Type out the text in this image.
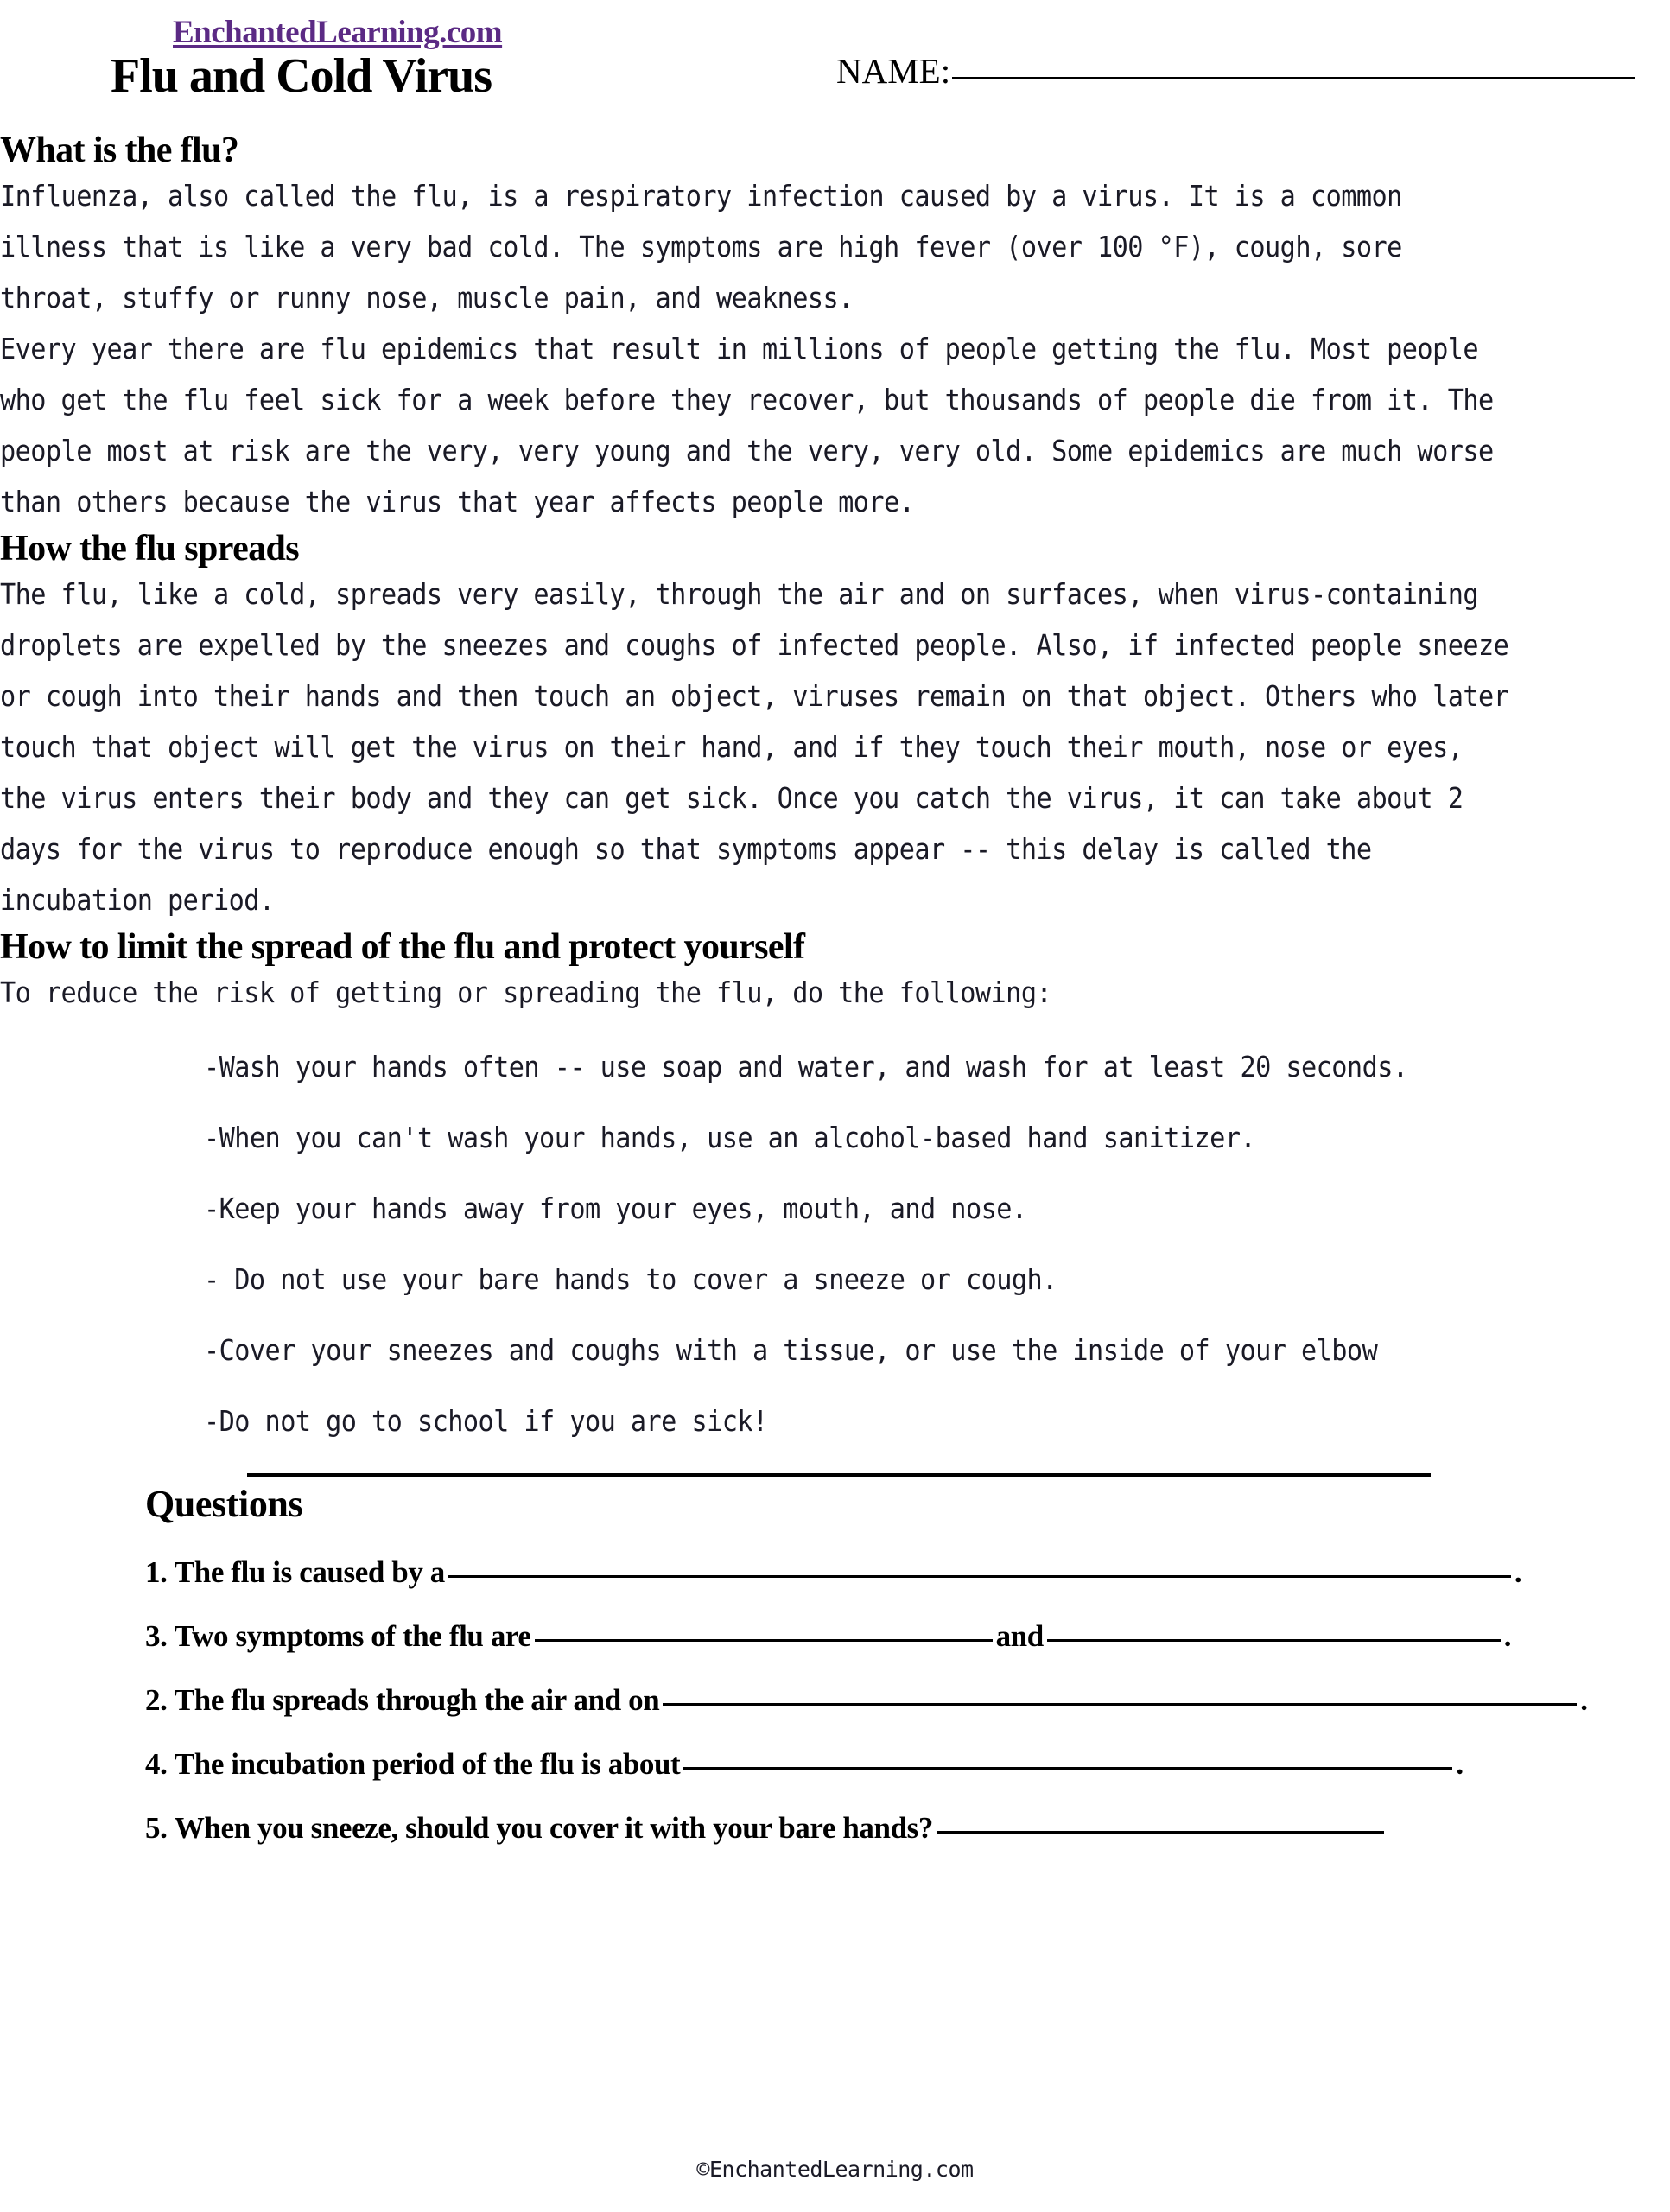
EnchantedLearning.com
Flu and Cold Virus	NAME:
What is the flu?

Influenza, also called the flu, is a respiratory infection caused by a virus. It is a common illness that is like a very bad cold. The symptoms are high fever (over 100 °F), cough, sore throat, stuffy or runny nose, muscle pain, and weakness.

Every year there are flu epidemics that result in millions of people getting the flu. Most people who get the flu feel sick for a week before they recover, but thousands of people die from it. The people most at risk are the very, very young and the very, very old. Some epidemics are much worse than others because the virus that year affects people more.

How the flu spreads

The flu, like a cold, spreads very easily, through the air and on surfaces, when virus-containing droplets are expelled by the sneezes and coughs of infected people. Also, if infected people sneeze or cough into their hands and then touch an object, viruses remain on that object. Others who later touch that object will get the virus on their hand, and if they touch their mouth, nose or eyes, the virus enters their body and they can get sick. Once you catch the virus, it can take about 2 days for the virus to reproduce enough so that symptoms appear -- this delay is called the incubation period.

How to limit the spread of the flu and protect yourself

To reduce the risk of getting or spreading the flu, do the following:

-Wash your hands often -- use soap and water, and wash for at least 20 seconds.
-When you can't wash your hands, use an alcohol-based hand sanitizer.
-Keep your hands away from your eyes, mouth, and nose.
- Do not use your bare hands to cover a sneeze or cough.
-Cover your sneezes and coughs with a tissue, or use the inside of your elbow
-Do not go to school if you are sick!
Questions
1.
The flu is caused by a	.
3.
Two symptoms of the flu are	and	.
2.
The flu spreads through the air and on	.
4.
The incubation period of the flu is about	.
5.
When you sneeze, should you cover it with your bare hands?
©EnchantedLearning.com
